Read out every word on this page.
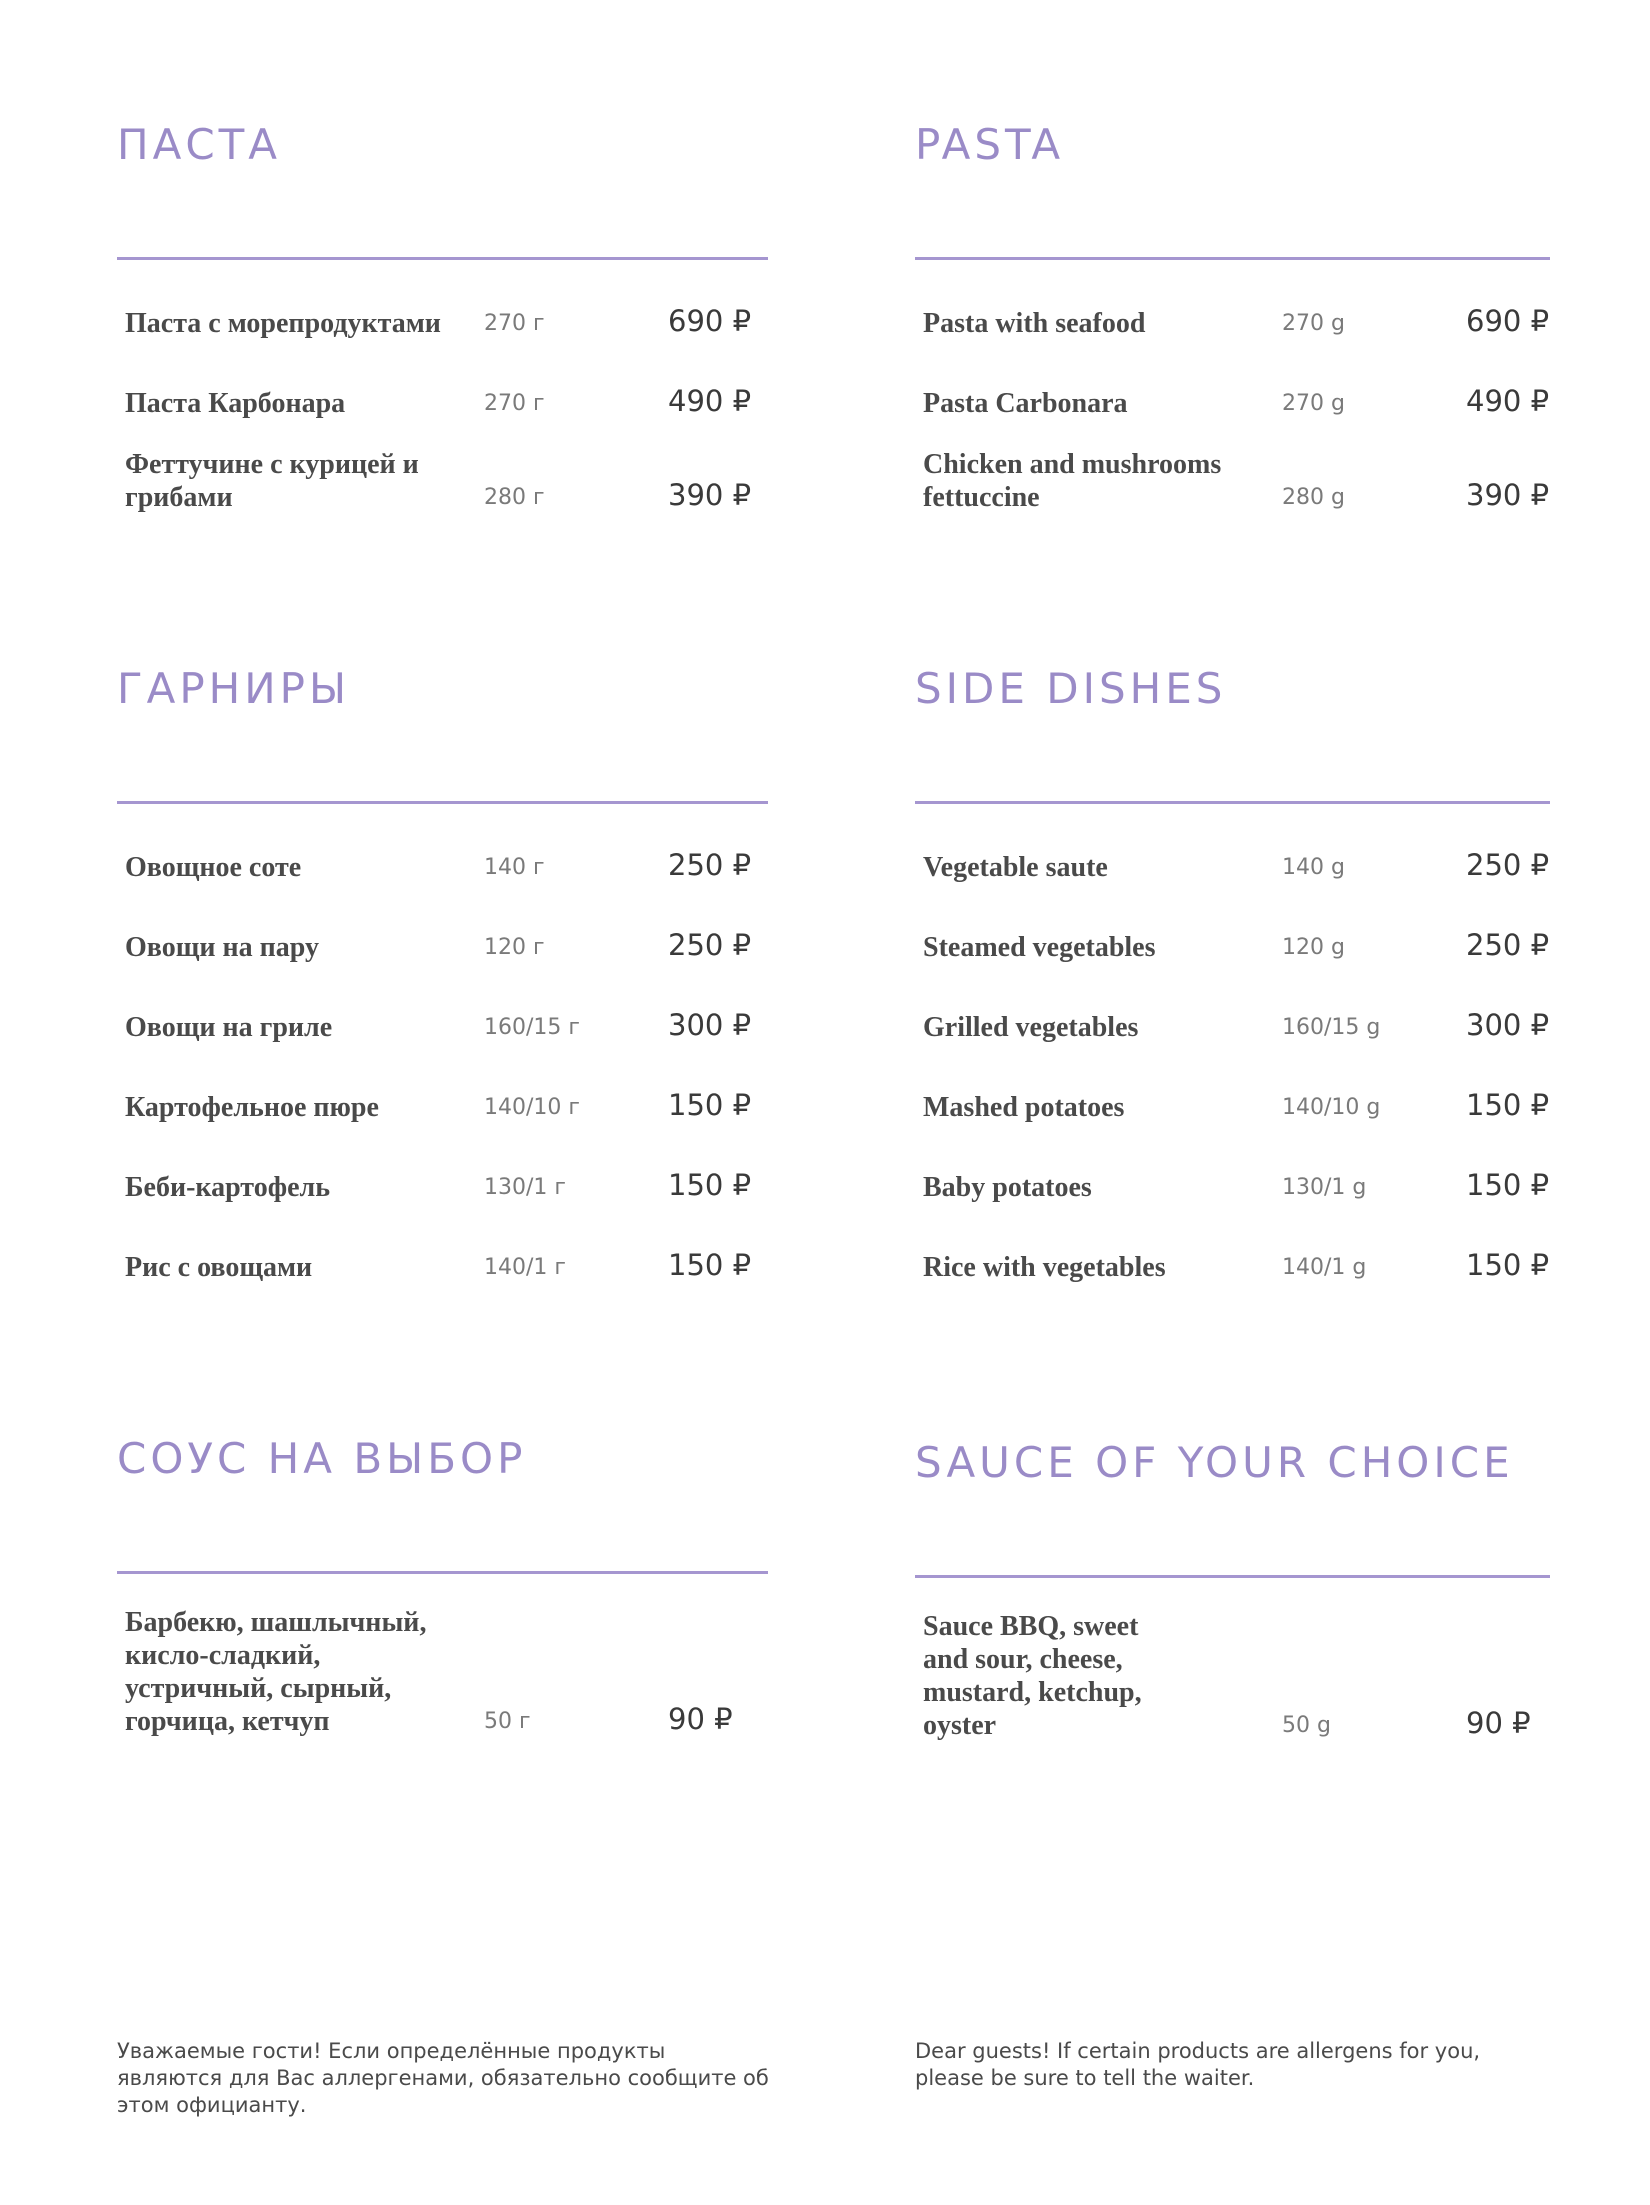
ПАСТА
Паста с морепродуктами 270 г	690 ₽
Паста Карбонара	270 г	490 ₽
Феттучине с курицей и
грибами	280 г	390 ₽
ГАРНИРЫ
Овощное соте	140 г	250 ₽
Овощи на пару	120 г	250 ₽
Овощи на гриле	160/15 г	300 ₽
Картофельное пюре	140/10 г	150 ₽
Беби-картофель	130/1 г	150 ₽
Рис с овощами	140/1 г	150 ₽
СОУС НА ВЫБОР
Барбекю, шашлычный,
кисло-сладкий,
устричный, сырный,
горчица, кетчуп	50 г	90 ₽
PASTA
Pasta with seafood	270 g	690 ₽
Pasta Carbonara	270 g	490 ₽
Chicken and mushrooms
fettuccine	280 g	390 ₽
SIDE DISHES
Vegetable saute	140 g	250 ₽
Steamed vegetables	120 g	250 ₽
Grilled vegetables	160/15 g	300 ₽
Mashed potatoes	140/10 g	150 ₽
Baby potatoes	130/1 g	150 ₽
Rice with vegetables	140/1 g	150 ₽
SAUCE OF YOUR CHOICE
Sauce BBQ, sweet
and sour, cheese,
mustard, ketchup,
oyster	50 g	90 ₽

Уважаемые гости! Если определённые продукты являются для Вас аллергенами, обязательно сообщите об этом официанту.

Dear guests! If certain products are allergens for you, please be sure to tell the waiter.
